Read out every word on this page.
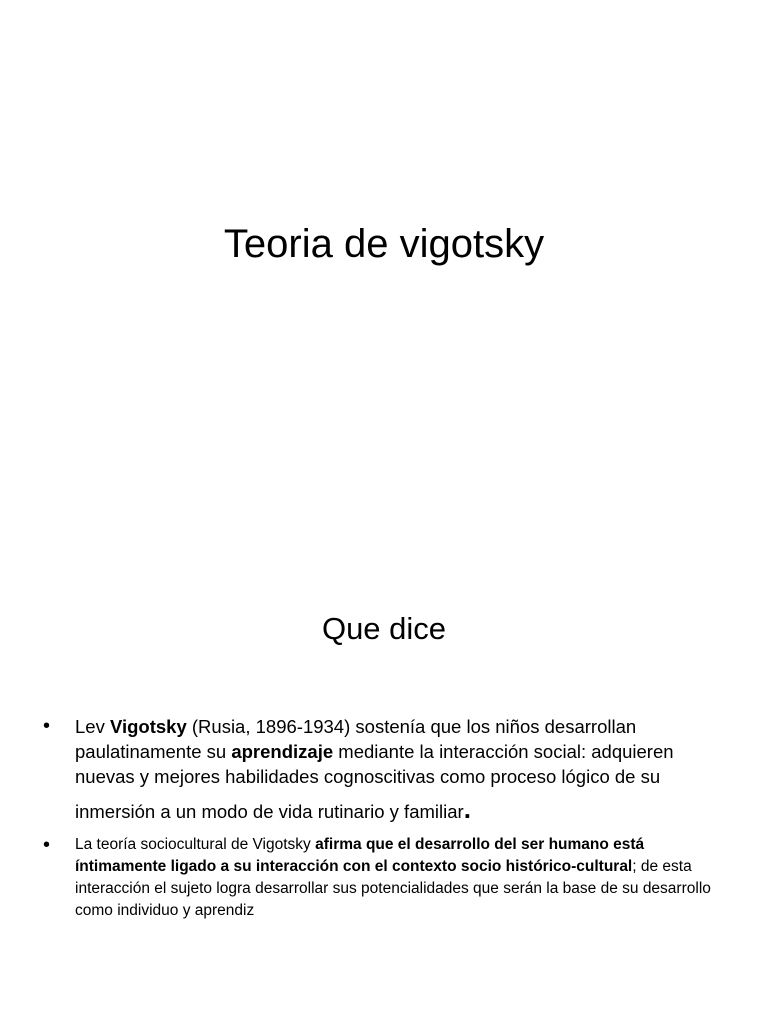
Teoria de vigotsky
Que dice
• Lev Vigotsky (Rusia, 1896-1934) sostenía que los niños desarrollan paulatinamente su aprendizaje mediante la interacción social: adquieren nuevas y mejores habilidades cognoscitivas como proceso lógico de su
inmersión a un modo de vida rutinario y familiar.
• La teoría sociocultural de Vigotsky afirma que el desarrollo del ser humano está íntimamente ligado a su interacción con el contexto socio histórico-cultural; de esta interacción el sujeto logra desarrollar sus potencialidades que serán la base de su desarrollo como individuo y aprendiz
